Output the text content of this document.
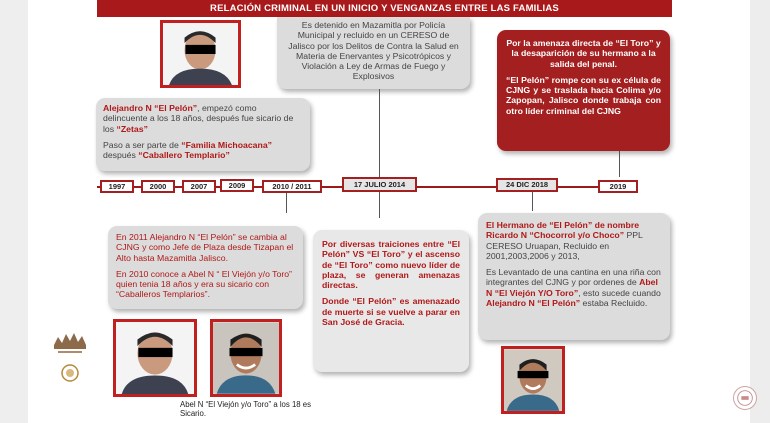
RELACIÓN CRIMINAL EN UN INICIO Y VENGANZAS ENTRE LAS FAMILIAS

Alejandro N “El Pelón”, empezó como delincuente a los 18 años, después fue sicario de los “Zetas”

Paso a ser parte de “Familia Michoacana” después “Caballero Templario”

Es detenido en Mazamitla por Policía Municipal y recluido en un CERESO de Jalisco por los Delitos de Contra la Salud en Materia de Enervantes y Psicotrópicos y Violación a Ley de Armas de Fuego y Explosivos

Por la amenaza directa de “El Toro” y la desaparición de su hermano a la salida del penal.

“El Pelón” rompe con su ex célula de CJNG y se traslada hacia Colima y/o Zapopan, Jalisco donde trabaja con otro líder criminal del CJNG

1997	2000	2007	2009	2010 / 2011	17 JULIO 2014	24 DIC 2018	2019

En 2011 Alejandro N “El Pelón” se cambia al CJNG y como Jefe de Plaza desde Tizapan el Alto hasta Mazamitla Jalisco.

En 2010 conoce a Abel N “ El Viejón y/o Toro” quien tenia 18 años y era su sicario con “Caballeros Templarios”.

Por diversas traiciones entre “El Pelón” VS “El Toro” y el ascenso de “El Toro” como nuevo líder de plaza, se generan amenazas directas.

Donde “El Pelón” es amenazado de muerte si se vuelve a parar en San José de Gracia.

El Hermano de “El Pelón” de nombre Ricardo N “Chocorrol y/o Choco” PPL CERESO Uruapan, Recluido en 2001,2003,2006 y 2013,

Es Levantado de una cantina en una riña con integrantes del CJNG y por ordenes de Abel N “El Viejón Y/O Toro”, esto sucede cuando Alejandro N “El Pelón” estaba Recluido.

Abel N “El Viejón y/o Toro” a los 18 es Sicario.
